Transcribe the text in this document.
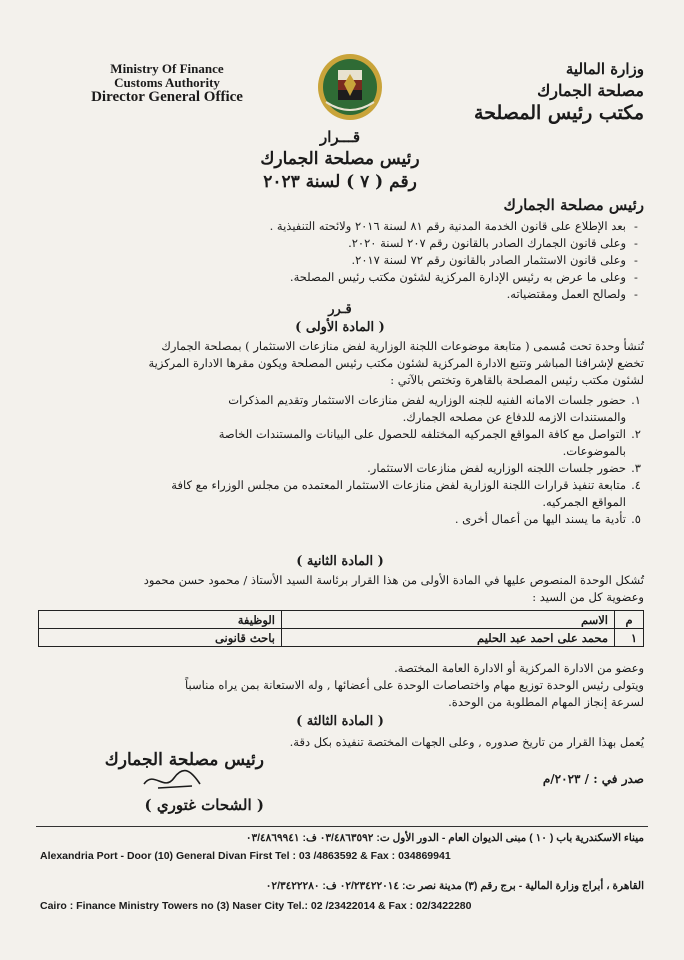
Ministry Of Finance
Customs Authority
Director General Office
وزارة المالية
مصلحة الجمارك
مكتب رئيس المصلحة
قـــرار
رئيس مصلحة الجمارك
رقم ( ٧ ) لسنة ٢٠٢٣
رئيس مصلحة الجمارك
-
بعد الإطلاع على قانون الخدمة المدنية رقم ٨١ لسنة ٢٠١٦ ولائحته التنفيذية .
-
وعلى قانون الجمارك الصادر بالقانون رقم ٢٠٧ لسنة ٢٠٢٠.
-
وعلى قانون الاستثمار الصادر بالقانون رقم ٧٢ لسنة ٢٠١٧.
-
وعلى ما عرض به رئيس الإدارة المركزية لشئون مكتب رئيس المصلحة.
-
ولصالح العمل ومقتضياته.
قـرر
( المادة الأولى )
تُنشأ وحدة تحت مُسمى ( متابعة موضوعات اللجنة الوزارية لفض منازعات الاستثمار ) بمصلحة الجمارك
تخضع لإشرافنا المباشر وتتبع الادارة المركزية لشئون مكتب رئيس المصلحة ويكون مقرها الادارة المركزية
لشئون مكتب رئيس المصلحة بالقاهرة وتختص بالآتي :
١.
حضور جلسات الامانه الفنيه للجنه الوزاريه لفض منازعات الاستثمار وتقديم المذكرات
والمستندات الازمه للدفاع عن مصلحه الجمارك.
٢.
التواصل مع كافة المواقع الجمركيه المختلفه للحصول على البيانات والمستندات الخاصة
بالموضوعات.
٣.
حضور جلسات اللجنه الوزاريه لفض منازعات الاستثمار.
٤.
متابعة تنفيذ قرارات اللجنة الوزارية لفض منازعات الاستثمار المعتمده من مجلس الوزراء مع كافة
المواقع الجمركيه.
٥.
تأدية ما يسند اليها من أعمال أخرى .
( المادة الثانية )
تُشكل الوحدة المنصوص عليها في المادة الأولى من هذا القرار برئاسة السيد الأستاذ / محمود حسن محمود
وعضوية كل من السيد :
م	الاسم	الوظيفة
١	محمد على احمد عبد الحليم	باحث قانونى
وعضو من الادارة المركزية أو الادارة العامة المختصة.
ويتولى رئيس الوحدة توزيع مهام واختصاصات الوحدة على أعضائها , وله الاستعانة بمن يراه مناسباً
لسرعة إنجاز المهام المطلوبة من الوحدة.
( المادة الثالثة )
يُعمل بهذا القرار من تاريخ صدوره , وعلى الجهات المختصة تنفيذه بكل دقة.
رئيس مصلحة الجمارك
( الشحات غتوري )
صدر في : / ٢٠٢٣/م
ميناء الاسكندرية باب ( ١٠ ) مبنى الديوان العام - الدور الأول ت: ٠٣/٤٨٦٣٥٩٢ ف: ٠٣/٤٨٦٩٩٤١
Alexandria Port - Door (10) General Divan First Tel : 03 /4863592 & Fax : 034869941
القاهرة ، أبراج وزارة المالية - برج رقم (٣) مدينة نصر ت: ٠٢/٢٣٤٢٢٠١٤ ف: ٠٢/٣٤٢٢٢٨٠
Cairo : Finance Ministry Towers no (3) Naser City Tel.: 02 /23422014 & Fax : 02/3422280
